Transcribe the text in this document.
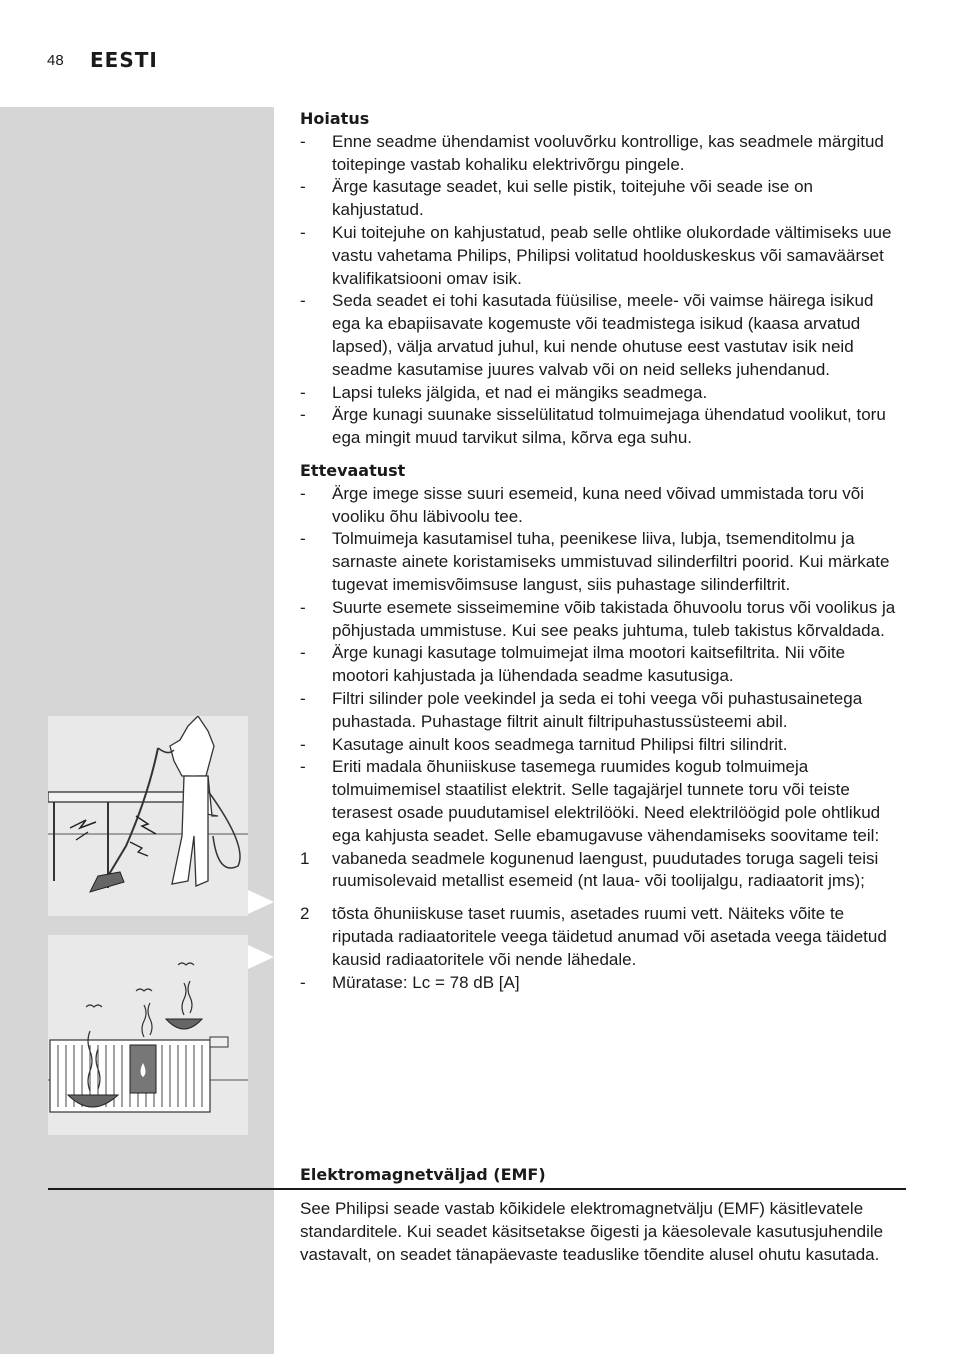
48 EESTI
Hoiatus

- Enne seadme ühendamist vooluvõrku kontrollige, kas seadmele märgitud toitepinge vastab kohaliku elektrivõrgu pingele.

- Ärge kasutage seadet, kui selle pistik, toitejuhe või seade ise on kahjustatud.

- Kui toitejuhe on kahjustatud, peab selle ohtlike olukordade vältimiseks uue vastu vahetama Philips, Philipsi volitatud hoolduskeskus või samaväärset kvalifikatsiooni omav isik.

- Seda seadet ei tohi kasutada füüsilise, meele- või vaimse häirega isikud ega ka ebapiisavate kogemuste või teadmistega isikud (kaasa arvatud lapsed), välja arvatud juhul, kui nende ohutuse eest vastutav isik neid seadme kasutamise juures valvab või on neid selleks juhendanud.

- Lapsi tuleks jälgida, et nad ei mängiks seadmega.

- Ärge kunagi suunake sisselülitatud tolmuimejaga ühendatud voolikut, toru ega mingit muud tarvikut silma, kõrva ega suhu.

Ettevaatust

- Ärge imege sisse suuri esemeid, kuna need võivad ummistada toru või vooliku õhu läbivoolu tee.

- Tolmuimeja kasutamisel tuha, peenikese liiva, lubja, tsemenditolmu ja sarnaste ainete koristamiseks ummistuvad silinderfiltri poorid. Kui märkate tugevat imemisvõimsuse langust, siis puhastage silinderfiltrit.

- Suurte esemete sisseimemine võib takistada õhuvoolu torus või voolikus ja põhjustada ummistuse. Kui see peaks juhtuma, tuleb takistus kõrvaldada.

- Ärge kunagi kasutage tolmuimejat ilma mootori kaitsefiltrita. Nii võite mootori kahjustada ja lühendada seadme kasutusiga.

- Filtri silinder pole veekindel ja seda ei tohi veega või puhastusainetega puhastada. Puhastage filtrit ainult filtripuhastussüsteemi abil.

- Kasutage ainult koos seadmega tarnitud Philipsi filtri silindrit.

- Eriti madala õhuniiskuse tasemega ruumides kogub tolmuimeja tolmuimemisel staatilist elektrit. Selle tagajärjel tunnete toru või teiste terasest osade puudutamisel elektrilööki. Need elektrilöögid pole ohtlikud ega kahjusta seadet. Selle ebamugavuse vähendamiseks soovitame teil:

1 vabaneda seadmele kogunenud laengust, puudutades toruga sageli teisi ruumisolevaid metallist esemeid (nt laua- või toolijalgu, radiaatorit jms);

2 tõsta õhuniiskuse taset ruumis, asetades ruumi vett. Näiteks võite te riputada radiaatoritele veega täidetud anumad või asetada veega täidetud kausid radiaatoritele või nende lähedale.

- Müratase: Lc = 78 dB [A]

Elektromagnetväljad (EMF)
See Philipsi seade vastab kõikidele elektromagnetvälju (EMF) käsitlevatele standarditele. Kui seadet käsitsetakse õigesti ja käesolevale kasutusjuhendile vastavalt, on seadet tänapäevaste teaduslike tõendite alusel ohutu kasutada.
